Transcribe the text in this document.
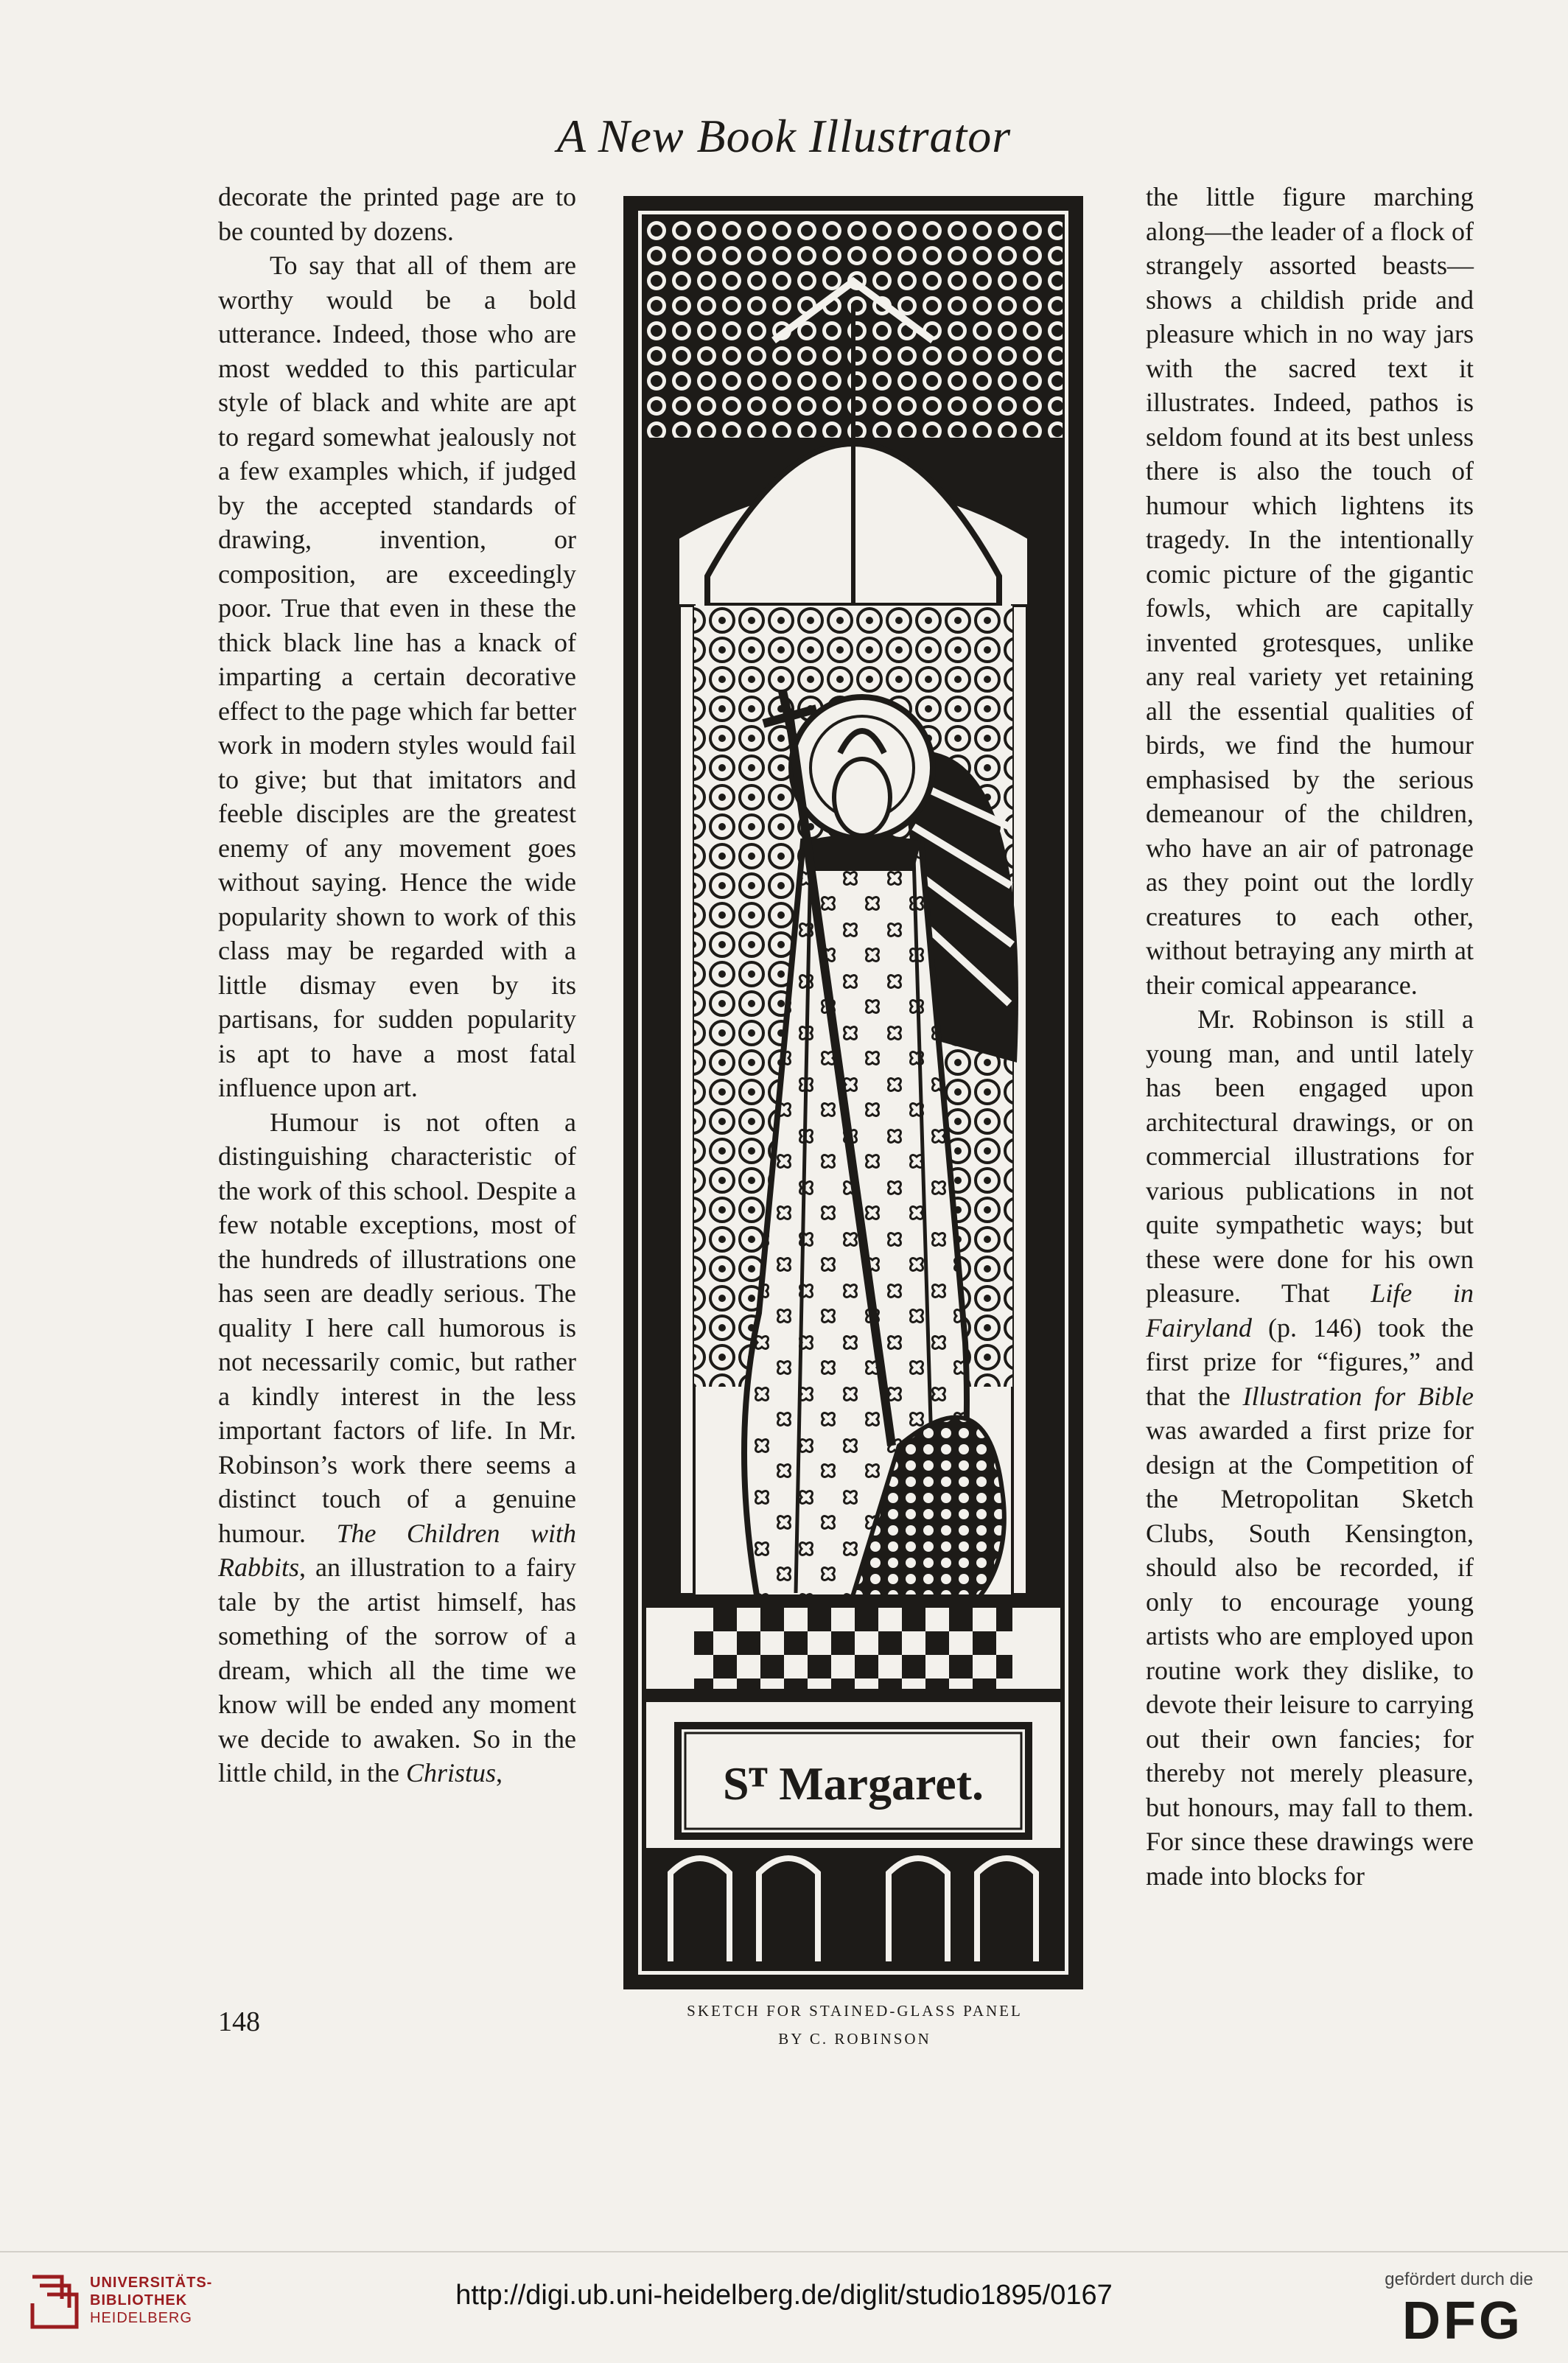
A New Book Illustrator

decorate the printed page are to be counted by dozens.

To say that all of them are worthy would be a bold utterance. Indeed, those who are most wedded to this particular style of black and white are apt to regard somewhat jealously not a few examples which, if judged by the accepted standards of drawing, invention, or composition, are exceedingly poor. True that even in these the thick black line has a knack of imparting a certain decorative effect to the page which far better work in modern styles would fail to give; but that imitators and feeble disciples are the greatest enemy of any movement goes without saying. Hence the wide popularity shown to work of this class may be regarded with a little dismay even by its partisans, for sudden popularity is apt to have a most fatal influence upon art.

Humour is not often a distinguishing characteristic of the work of this school. Despite a few notable exceptions, most of the hundreds of illustrations one has seen are deadly serious. The quality I here call humorous is not necessarily comic, but rather a kindly interest in the less important factors of life. In Mr. Robinson’s work there seems a distinct touch of a genuine humour. The Children with Rabbits, an illustration to a fairy tale by the artist himself, has something of the sorrow of a dream, which all the time we know will be ended any moment we decide to awaken. So in the little child, in the Christus,	Sᵀ Margaret.
SKETCH FOR STAINED-GLASS PANEL
BY C. ROBINSON

the little figure marching along—the leader of a flock of strangely assorted beasts—shows a childish pride and pleasure which in no way jars with the sacred text it illustrates. Indeed, pathos is seldom found at its best unless there is also the touch of humour which lightens its tragedy. In the intentionally comic picture of the gigantic fowls, which are capitally invented grotesques, unlike any real variety yet retaining all the essential qualities of birds, we find the humour emphasised by the serious demeanour of the children, who have an air of patronage as they point out the lordly creatures to each other, without betraying any mirth at their comical appearance.

Mr. Robinson is still a young man, and until lately has been engaged upon architectural drawings, or on commercial illustrations for various publications in not quite sympathetic ways; but these were done for his own pleasure. That Life in Fairyland (p. 146) took the first prize for “figures,” and that the Illustration for Bible was awarded a first prize for design at the Competition of the Metropolitan Sketch Clubs, South Kensington, should also be recorded, if only to encourage young artists who are employed upon routine work they dislike, to devote their leisure to carrying out their own fancies; for thereby not merely pleasure, but honours, may fall to them. For since these drawings were made into blocks for

148
UNIVERSITÄTS-
BIBLIOTHEK
HEIDELBERG
http://digi.ub.uni-heidelberg.de/diglit/studio1895/0167
gefördert durch die
DFG
